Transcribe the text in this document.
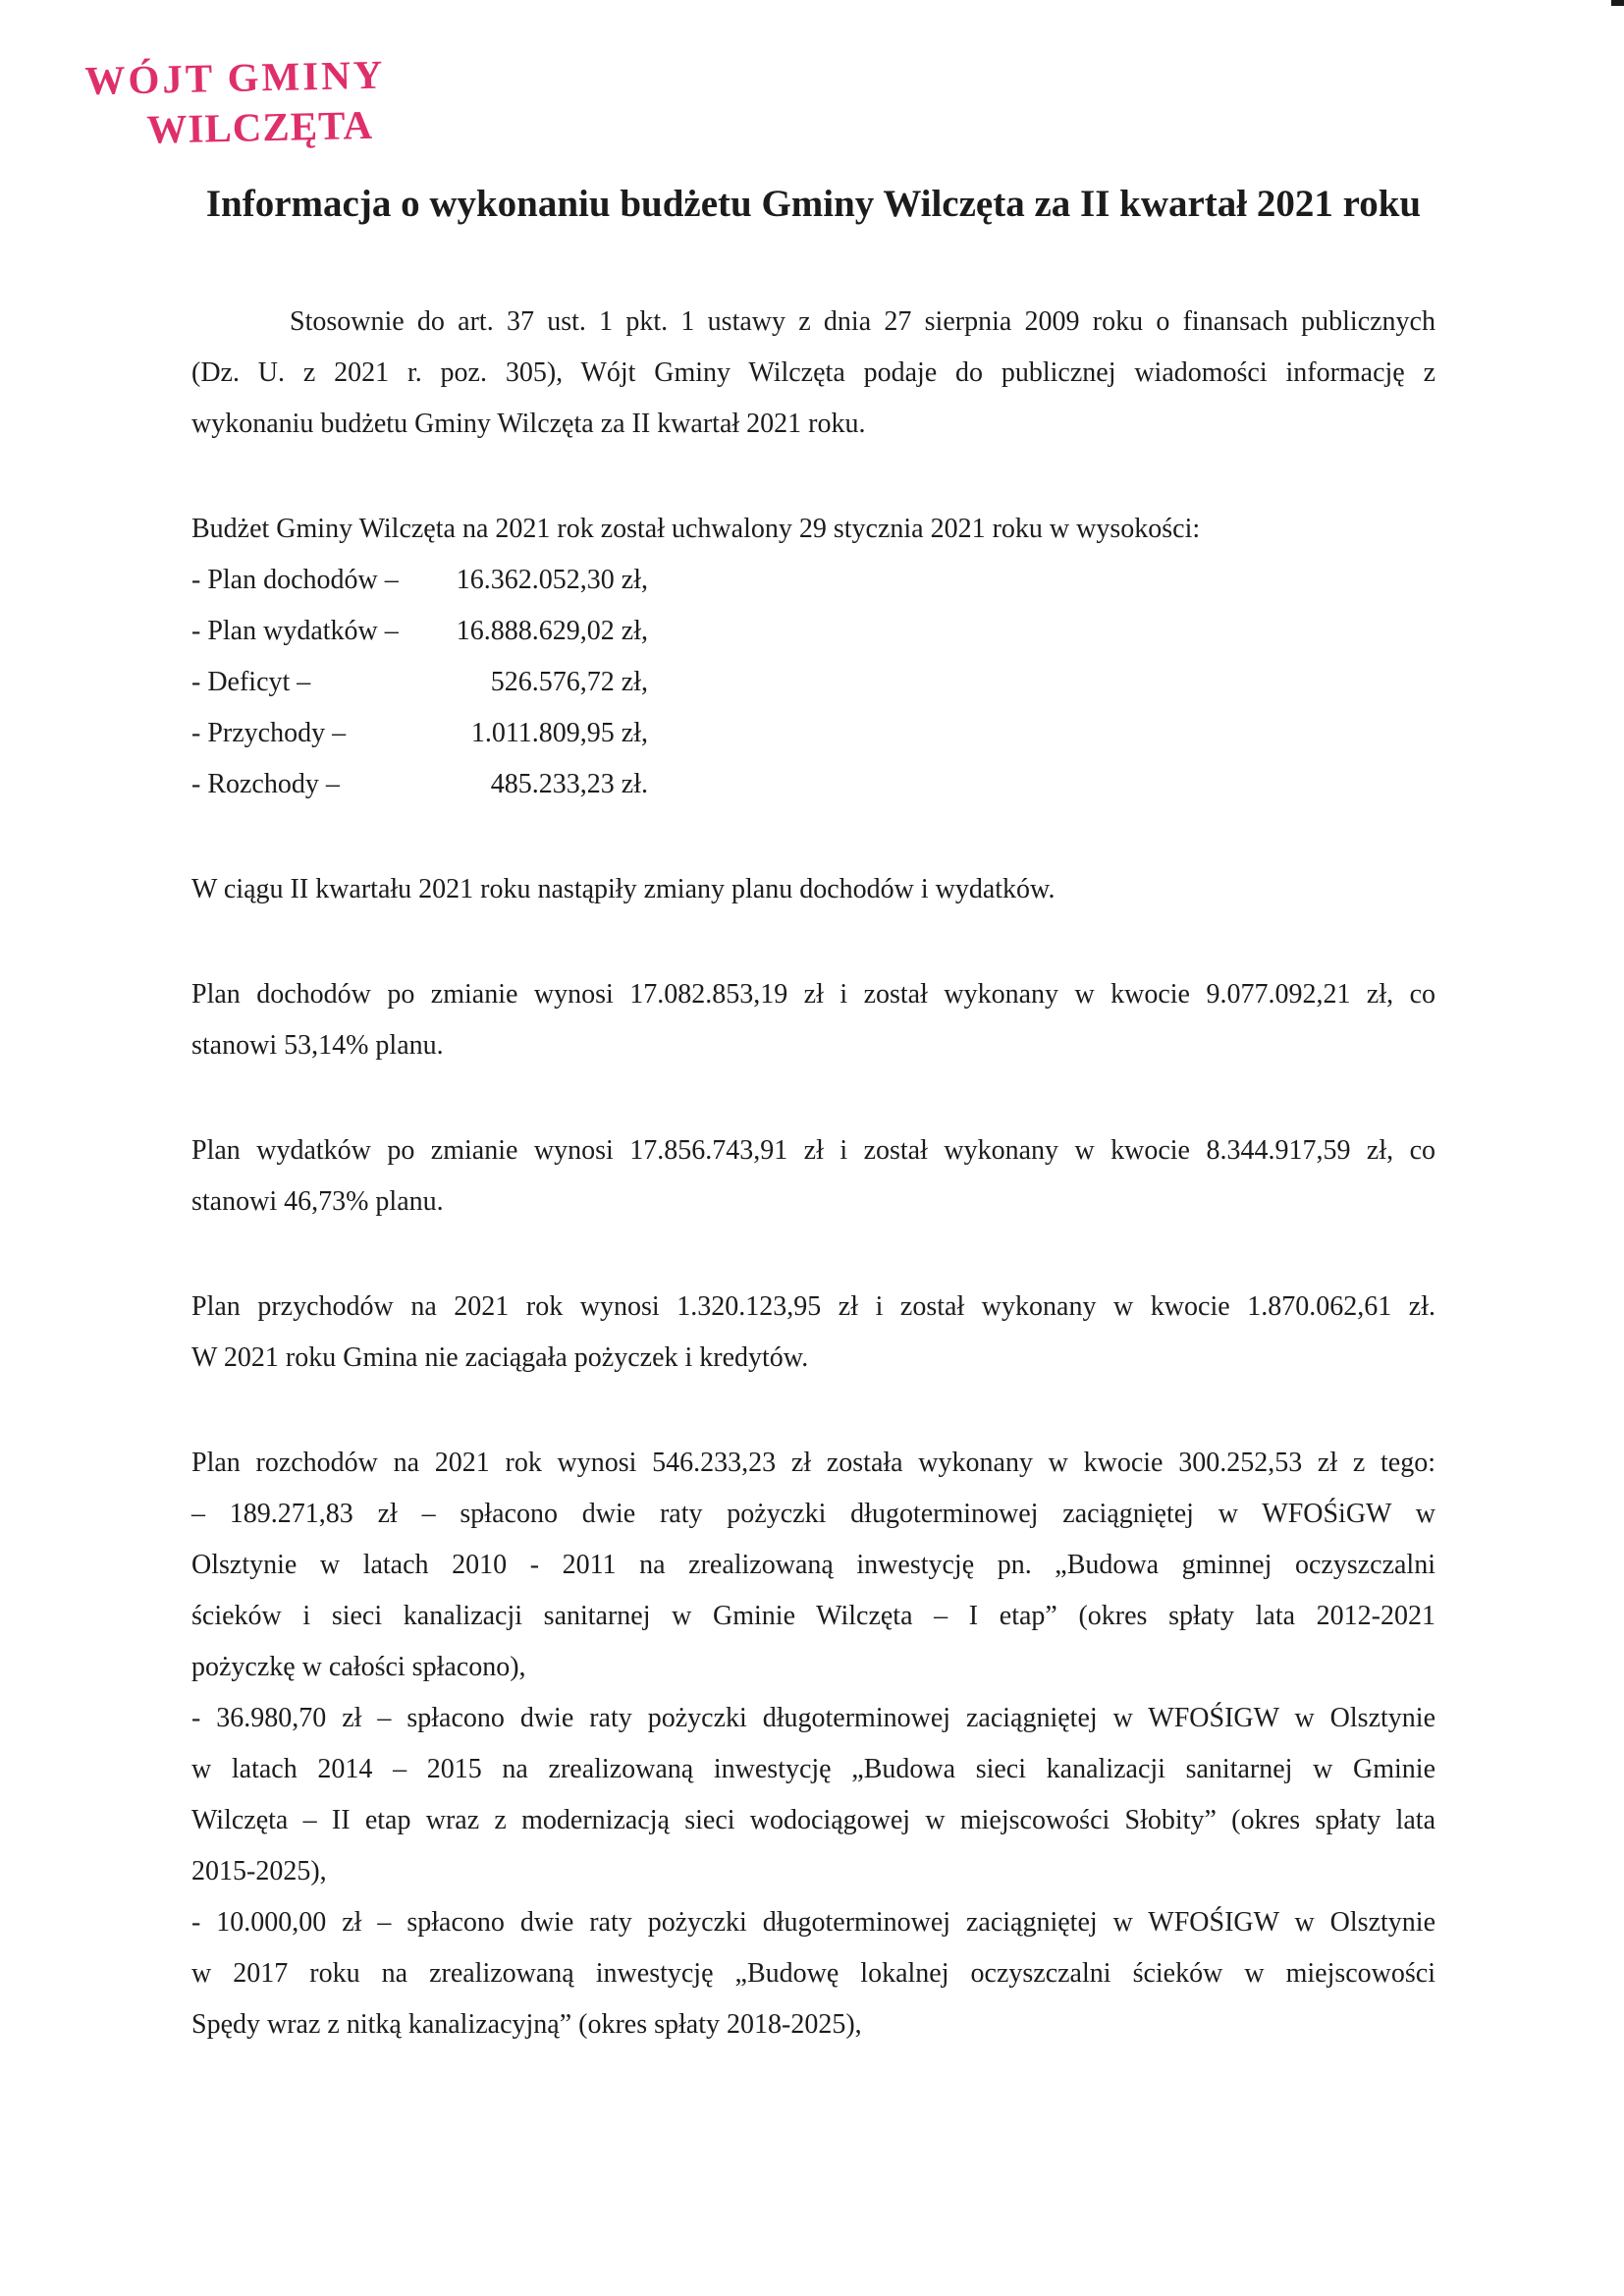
WÓJT GMINY
WILCZĘTA
Informacja o wykonaniu budżetu Gminy Wilczęta za II kwartał 2021 roku
Stosownie do art. 37 ust. 1 pkt. 1 ustawy z dnia 27 sierpnia 2009 roku o finansach publicznych
(Dz. U. z 2021 r. poz. 305), Wójt Gminy Wilczęta podaje do publicznej wiadomości informację z
wykonaniu budżetu Gminy Wilczęta za II kwartał 2021 roku.
Budżet Gminy Wilczęta na 2021 rok został uchwalony 29 stycznia 2021 roku w wysokości:
- Plan dochodów –	16.362.052,30 zł,
- Plan wydatków –	16.888.629,02 zł,
- Deficyt –	526.576,72 zł,
- Przychody –	1.011.809,95 zł,
- Rozchody –	485.233,23 zł.
W ciągu II kwartału 2021 roku nastąpiły zmiany planu dochodów i wydatków.
Plan dochodów po zmianie wynosi 17.082.853,19 zł i został wykonany w kwocie 9.077.092,21 zł, co
stanowi 53,14% planu.
Plan wydatków po zmianie wynosi 17.856.743,91 zł i został wykonany w kwocie 8.344.917,59 zł, co
stanowi 46,73% planu.
Plan przychodów na 2021 rok wynosi 1.320.123,95 zł i został wykonany w kwocie 1.870.062,61 zł.
W 2021 roku Gmina nie zaciągała pożyczek i kredytów.
Plan rozchodów na 2021 rok wynosi 546.233,23 zł została wykonany w kwocie 300.252,53 zł z tego:
– 189.271,83 zł – spłacono dwie raty pożyczki długoterminowej zaciągniętej w WFOŚiGW w
Olsztynie w latach 2010 - 2011 na zrealizowaną inwestycję pn. „Budowa gminnej oczyszczalni
ścieków i sieci kanalizacji sanitarnej w Gminie Wilczęta – I etap” (okres spłaty lata 2012-2021
pożyczkę w całości spłacono),
- 36.980,70 zł – spłacono dwie raty pożyczki długoterminowej zaciągniętej w WFOŚIGW w Olsztynie
w latach 2014 – 2015 na zrealizowaną inwestycję „Budowa sieci kanalizacji sanitarnej w Gminie
Wilczęta – II etap wraz z modernizacją sieci wodociągowej w miejscowości Słobity” (okres spłaty lata
2015-2025),
- 10.000,00 zł – spłacono dwie raty pożyczki długoterminowej zaciągniętej w WFOŚIGW w Olsztynie
w 2017 roku na zrealizowaną inwestycję „Budowę lokalnej oczyszczalni ścieków w miejscowości
Spędy wraz z nitką kanalizacyjną” (okres spłaty 2018-2025),
